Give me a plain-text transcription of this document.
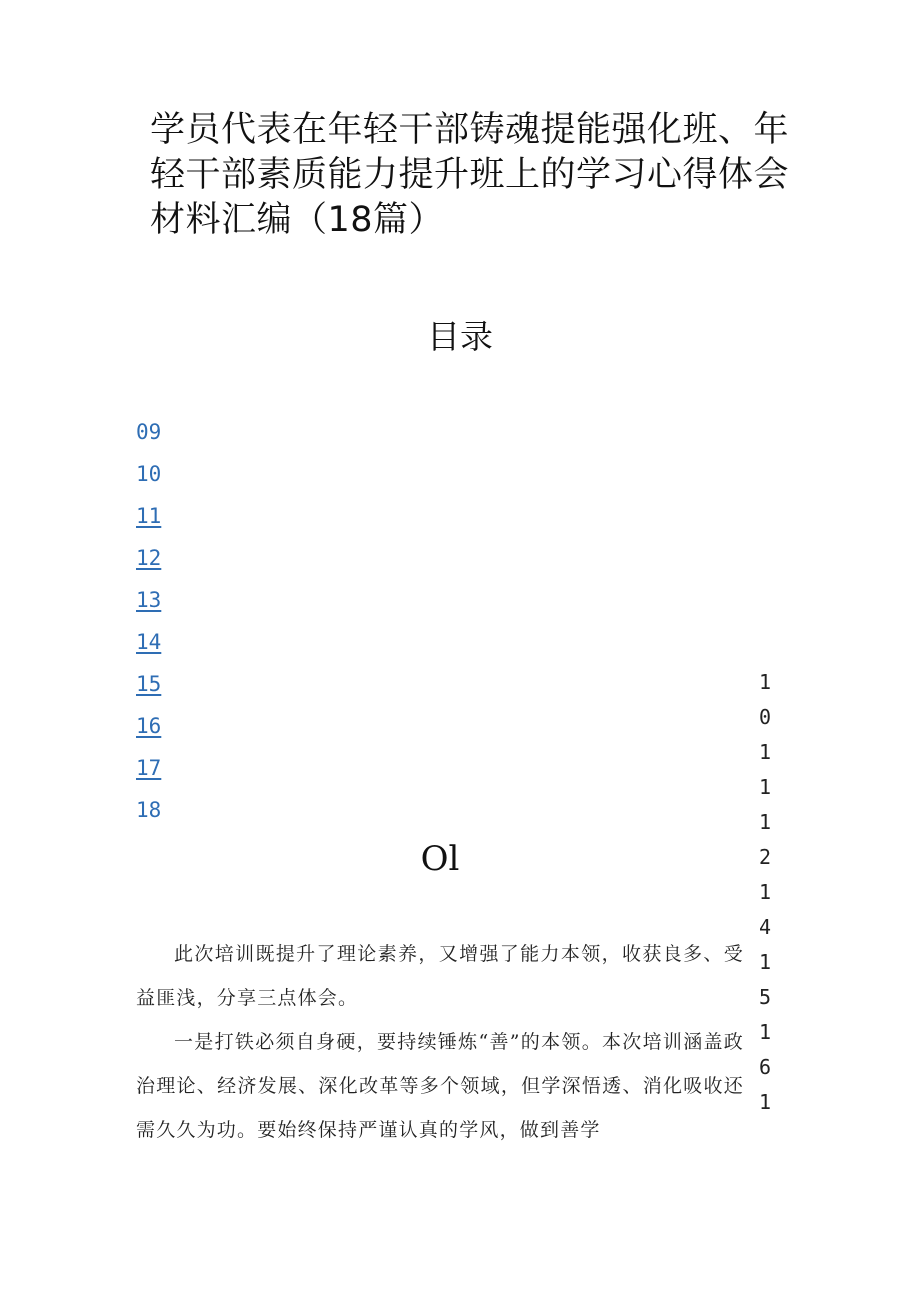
学员代表在年轻干部铸魂提能强化班、年轻干部素质能力提升班上的学习心得体会材料汇编（18篇）
目录
09
10
11
12
13
14
15
16
17
18
1
0
1
1
1
2
1
4
1
5
1
6
1
Ol

此次培训既提升了理论素养，又增强了能力本领，收获良多、受益匪浅，分享三点体会。

一是打铁必须自身硬，要持续锤炼“善”的本领。本次培训涵盖政治理论、经济发展、深化改革等多个领域，但学深悟透、消化吸收还需久久为功。要始终保持严谨认真的学风，做到善学
